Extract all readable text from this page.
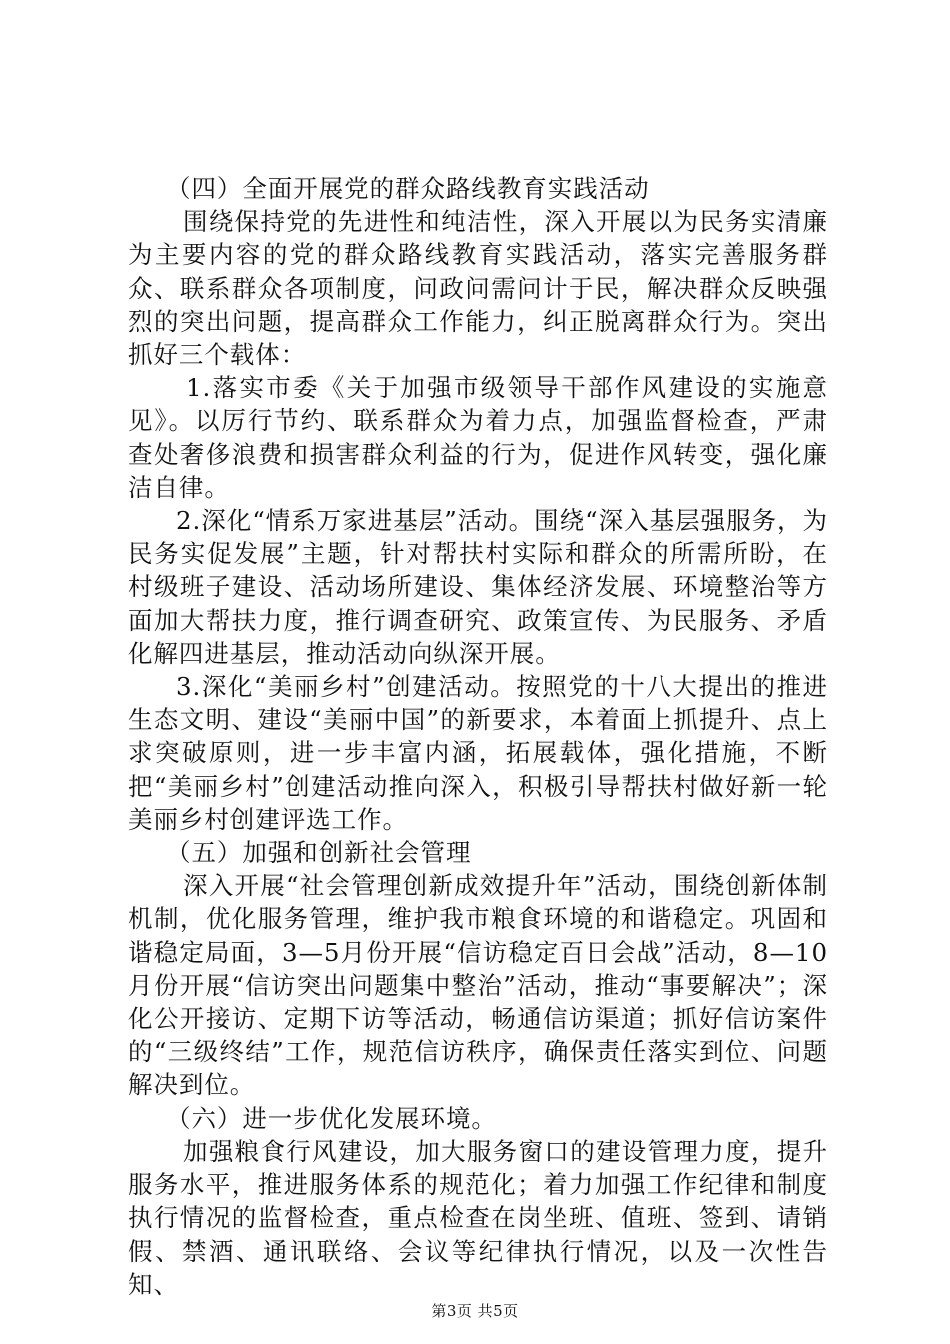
（四）全面开展党的群众路线教育实践活动

围绕保持党的先进性和纯洁性，深入开展以为民务实清廉为主要内容的党的群众路线教育实践活动，落实完善服务群众、联系群众各项制度，问政问需问计于民，解决群众反映强烈的突出问题，提高群众工作能力，纠正脱离群众行为。突出抓好三个载体：

1.落实市委《关于加强市级领导干部作风建设的实施意见》。以厉行节约、联系群众为着力点，加强监督检查，严肃查处奢侈浪费和损害群众利益的行为，促进作风转变，强化廉洁自律。

2.深化“情系万家进基层”活动。围绕“深入基层强服务，为民务实促发展”主题，针对帮扶村实际和群众的所需所盼，在村级班子建设、活动场所建设、集体经济发展、环境整治等方面加大帮扶力度，推行调查研究、政策宣传、为民服务、矛盾化解四进基层，推动活动向纵深开展。

3.深化“美丽乡村”创建活动。按照党的十八大提出的推进生态文明、建设“美丽中国”的新要求，本着面上抓提升、点上求突破原则，进一步丰富内涵，拓展载体，强化措施，不断把“美丽乡村”创建活动推向深入，积极引导帮扶村做好新一轮美丽乡村创建评选工作。

（五）加强和创新社会管理

深入开展“社会管理创新成效提升年”活动，围绕创新体制机制，优化服务管理，维护我市粮食环境的和谐稳定。巩固和谐稳定局面，3—5月份开展“信访稳定百日会战”活动，8—10月份开展“信访突出问题集中整治”活动，推动“事要解决”；深化公开接访、定期下访等活动，畅通信访渠道；抓好信访案件的“三级终结”工作，规范信访秩序，确保责任落实到位、问题解决到位。

（六）进一步优化发展环境。

加强粮食行风建设，加大服务窗口的建设管理力度，提升服务水平，推进服务体系的规范化；着力加强工作纪律和制度执行情况的监督检查，重点检查在岗坐班、值班、签到、请销假、禁酒、通讯联络、会议等纪律执行情况，以及一次性告知、

第3页 共5页
